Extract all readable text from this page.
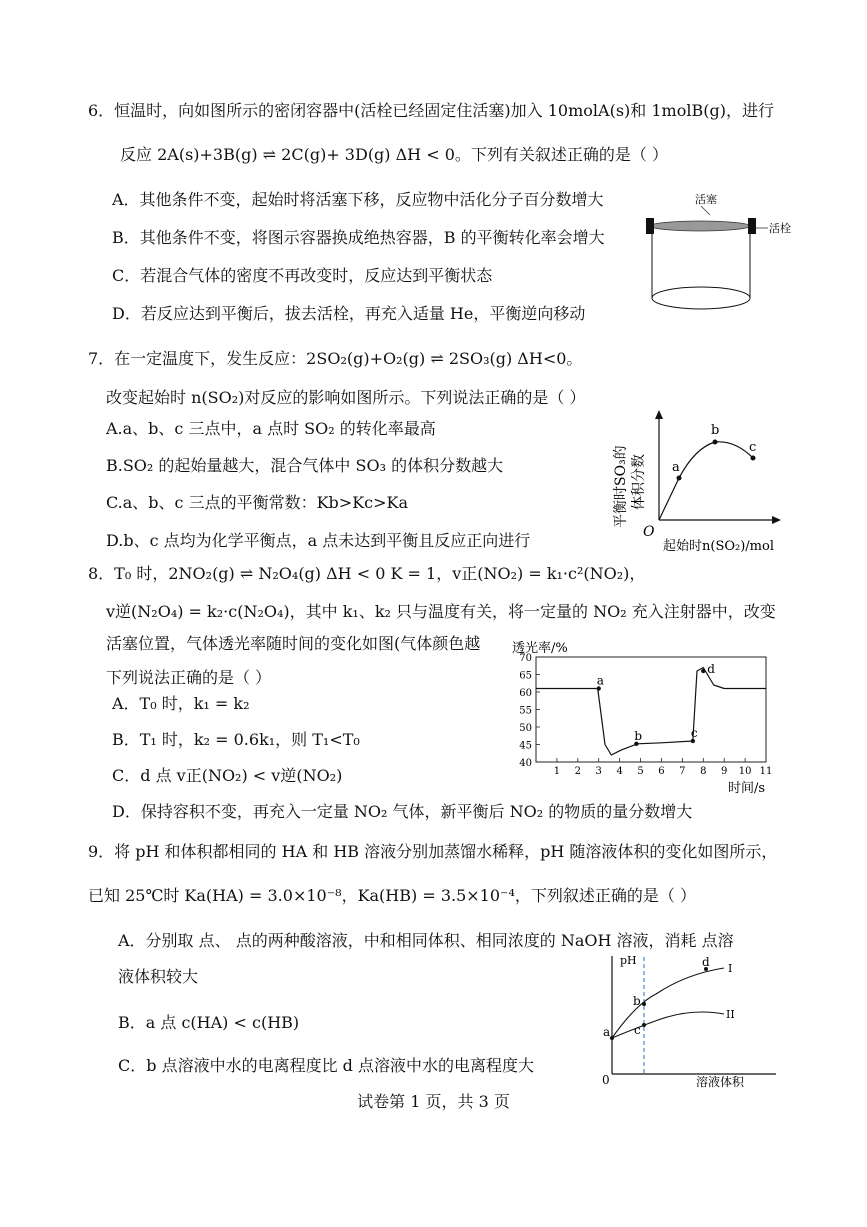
6．恒温时，向如图所示的密闭容器中(活栓已经固定住活塞)加入 10molA(s)和 1molB(g)，进行
反应 2A(s)+3B(g) ⇌ 2C(g)+ 3D(g) ΔH < 0。下列有关叙述正确的是（ ）
A．其他条件不变，起始时将活塞下移，反应物中活化分子百分数增大
B．其他条件不变，将图示容器换成绝热容器，B 的平衡转化率会增大
C．若混合气体的密度不再改变时，反应达到平衡状态
D．若反应达到平衡后，拔去活栓，再充入适量 He，平衡逆向移动
活塞
活栓
7．在一定温度下，发生反应：2SO₂(g)+O₂(g) ⇌ 2SO₃(g) ΔH<0。
改变起始时 n(SO₂)对反应的影响如图所示。下列说法正确的是（ ）
A.a、b、c 三点中，a 点时 SO₂ 的转化率最高
B.SO₂ 的起始量越大，混合气体中 SO₃ 的体积分数越大
C.a、b、c 三点的平衡常数：Kb>Kc>Ka
D.b、c 点均为化学平衡点，a 点未达到平衡且反应正向进行
平衡时SO₃的 体积分数
O
起始时n(SO₂)/mol
a
b
c
8．T₀ 时，2NO₂(g) ⇌ N₂O₄(g) ΔH < 0 K = 1，v正(NO₂) = k₁·c²(NO₂)，
v逆(N₂O₄) = k₂·c(N₂O₄)，其中 k₁、k₂ 只与温度有关，将一定量的 NO₂ 充入注射器中，改变
活塞位置，气体透光率随时间的变化如图(气体颜色越
下列说法正确的是（ ）
A．T₀ 时，k₁ = k₂
B．T₁ 时，k₂ = 0.6k₁，则 T₁<T₀
C．d 点 v正(NO₂) < v逆(NO₂)
D．保持容积不变，再充入一定量 NO₂ 气体，新平衡后 NO₂ 的物质的量分数增大
透光率/%
时间/s
40
45
50
55
60
65
70
1 2 3 4 5 6 7 8 9 10 11
a
b	c
d
9．将 pH 和体积都相同的 HA 和 HB 溶液分别加蒸馏水稀释，pH 随溶液体积的变化如图所示，
已知 25℃时 Ka(HA) = 3.0×10⁻⁸，Ka(HB) = 3.5×10⁻⁴，下列叙述正确的是（ ）
A．分别取 点、 点的两种酸溶液，中和相同体积、相同浓度的 NaOH 溶液，消耗 点溶
液体积较大
B．a 点 c(HA) < c(HB)
C．b 点溶液中水的电离程度比 d 点溶液中水的电离程度大
pH
0	溶液体积
a
b
c
d I
II
试卷第 1 页，共 3 页
